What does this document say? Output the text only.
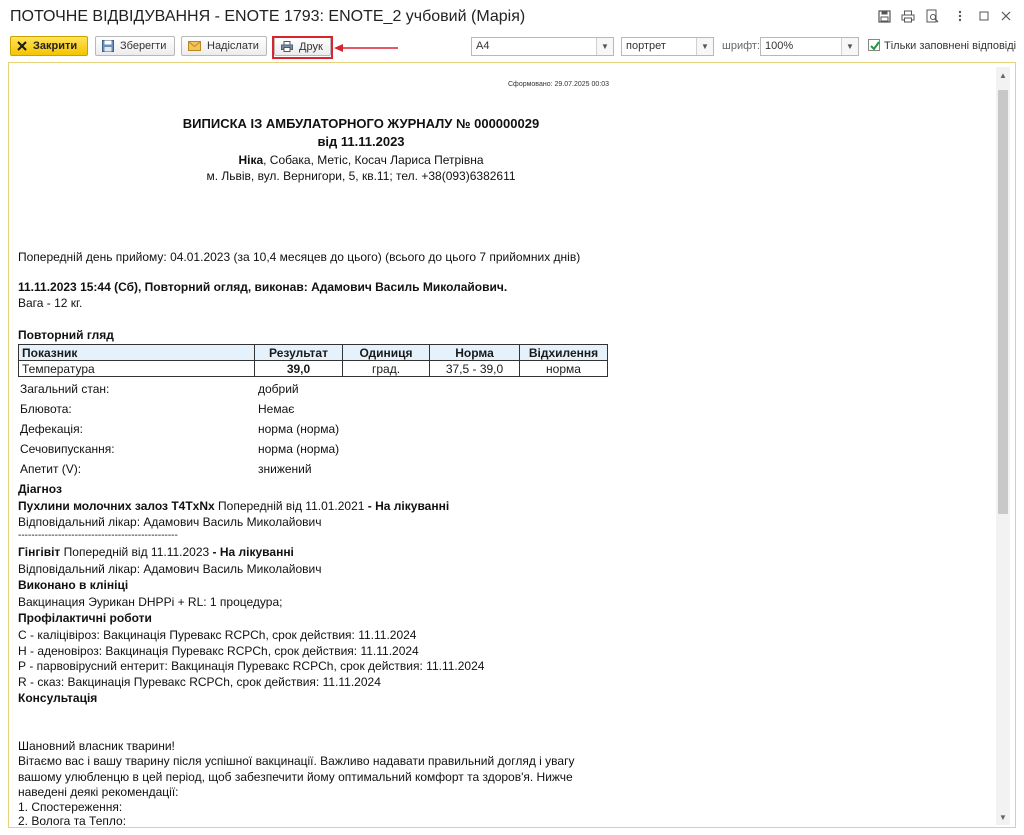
ПОТОЧНЕ ВІДВІДУВАННЯ - ENOTE 1793: ENOTE_2 учбовий (Марія)
Закрити	Зберегти	Надіслати	Друк	A4	▼	портрет	▼	шрифт: 100%	▼	Тільки заповнені відповіді
▲
▼
Сформовано: 29.07.2025 00:03
ВИПИСКА ІЗ АМБУЛАТОРНОГО ЖУРНАЛУ № 000000029
від 11.11.2023
Ніка, Собака, Метіс, Косач Лариса Петрівна
м. Львів, вул. Вернигори, 5, кв.11; тел. +38(093)6382611
Попередній день прийому: 04.01.2023 (за 10,4 месяцев до цього) (всього до цього 7 прийомних днів)
11.11.2023 15:44 (Сб), Повторний огляд, виконав: Адамович Василь Миколайович.
Вага - 12 кг.
Повторний гляд
Показник	Результат	Одиниця	Норма	Відхилення
Температура	39,0	град.	37,5 - 39,0	норма
Загальний стан:	добрий
Блювота:	Немає
Дефекація:	норма (норма)
Сечовипускання:	норма (норма)
Апетит (V):	знижений
Діагноз
Пухлини молочних залоз T4TxNx Попередній від 11.01.2021 - На лікуванні
Відповідальний лікар: Адамович Василь Миколайович
------------------------------------------------
Гінгівіт Попередній від 11.11.2023 - На лікуванні
Відповідальний лікар: Адамович Василь Миколайович
Виконано в клініці
Вакцинация Эурикан DHPPi + RL: 1 процедура;
Профілактичні роботи
С - каліцівіроз: Вакцинація Пуревакс RCPCh, срок действия: 11.11.2024
Н - аденовіроз: Вакцинація Пуревакс RCPCh, срок действия: 11.11.2024
Р - парвовірусний ентерит: Вакцинація Пуревакс RCPCh, срок действия: 11.11.2024
R - сказ: Вакцинація Пуревакс RCPCh, срок действия: 11.11.2024
Консультація
Шановний власник тварини!
Вітаємо вас і вашу тварину після успішної вакцинації. Важливо надавати правильний догляд і увагу
вашому улюбленцю в цей період, щоб забезпечити йому оптимальний комфорт та здоров'я. Нижче
наведені деякі рекомендації:
1. Спостереження:
2. Волога та Тепло:
